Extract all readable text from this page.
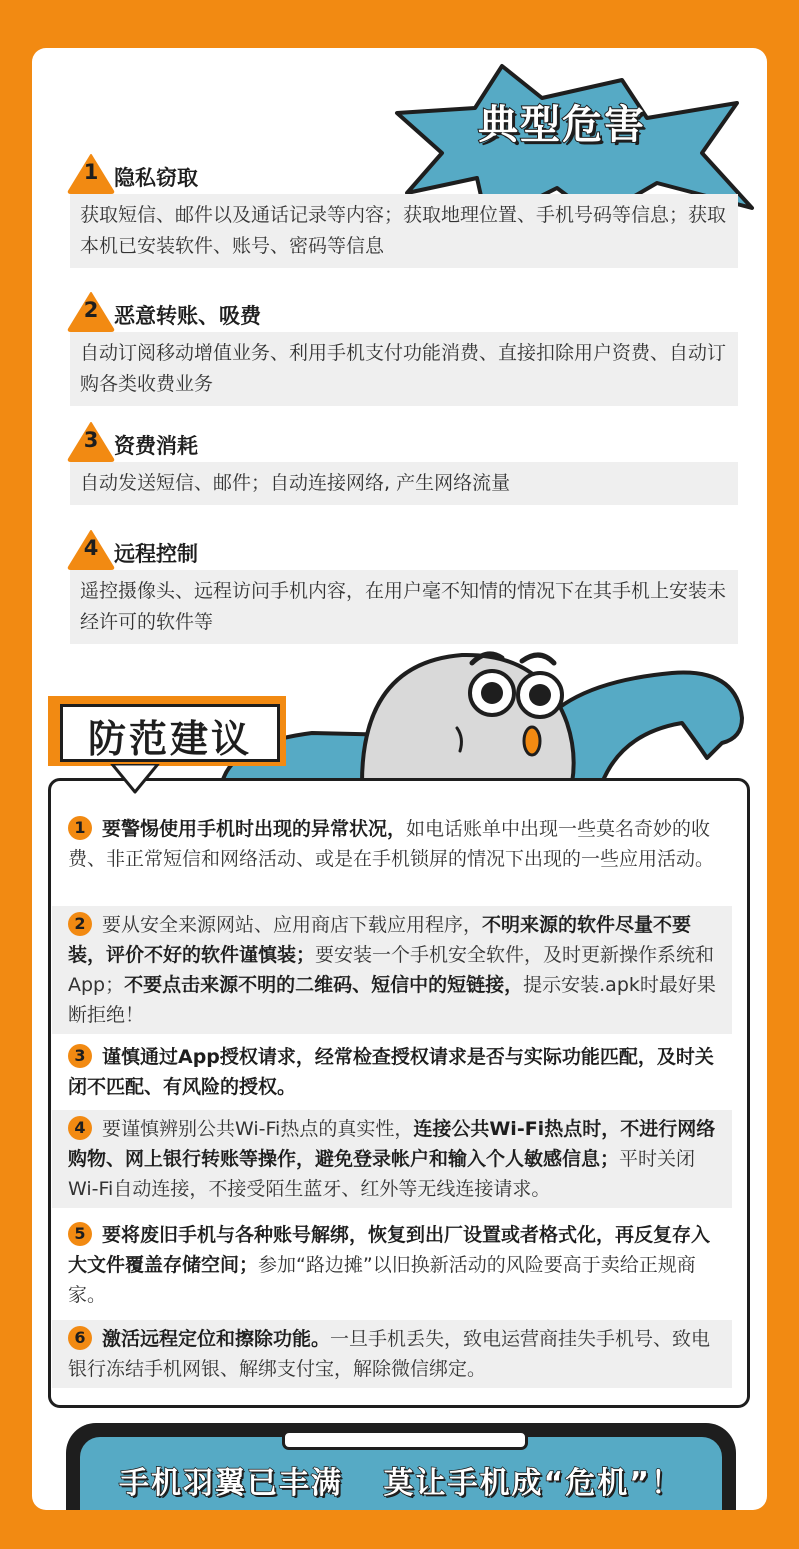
典型危害
1 隐私窃取
获取短信、邮件以及通话记录等内容；获取地理位置、手机号码等信息；获取本机已安装软件、账号、密码等信息
2 恶意转账、吸费
自动订阅移动增值业务、利用手机支付功能消费、直接扣除用户资费、自动订购各类收费业务
3 资费消耗
自动发送短信、邮件；自动连接网络, 产生网络流量
4 远程控制
遥控摄像头、远程访问手机内容，在用户毫不知情的情况下在其手机上安装未经许可的软件等
防范建议
1 要警惕使用手机时出现的异常状况，如电话账单中出现一些莫名奇妙的收费、非正常短信和网络活动、或是在手机锁屏的情况下出现的一些应用活动。
2 要从安全来源网站、应用商店下载应用程序，不明来源的软件尽量不要装，评价不好的软件谨慎装；要安装一个手机安全软件，及时更新操作系统和App；不要点击来源不明的二维码、短信中的短链接，提示安装.apk时最好果断拒绝！
3 谨慎通过App授权请求，经常检查授权请求是否与实际功能匹配，及时关闭不匹配、有风险的授权。
4 要谨慎辨别公共Wi-Fi热点的真实性，连接公共Wi-Fi热点时，不进行网络购物、网上银行转账等操作，避免登录帐户和输入个人敏感信息；平时关闭Wi-Fi自动连接，不接受陌生蓝牙、红外等无线连接请求。
5 要将废旧手机与各种账号解绑，恢复到出厂设置或者格式化，再反复存入大文件覆盖存储空间；参加“路边摊”以旧换新活动的风险要高于卖给正规商家。
6 激活远程定位和擦除功能。一旦手机丢失，致电运营商挂失手机号、致电银行冻结手机网银、解绑支付宝，解除微信绑定。
手机羽翼已丰满 莫让手机成“危机”！
